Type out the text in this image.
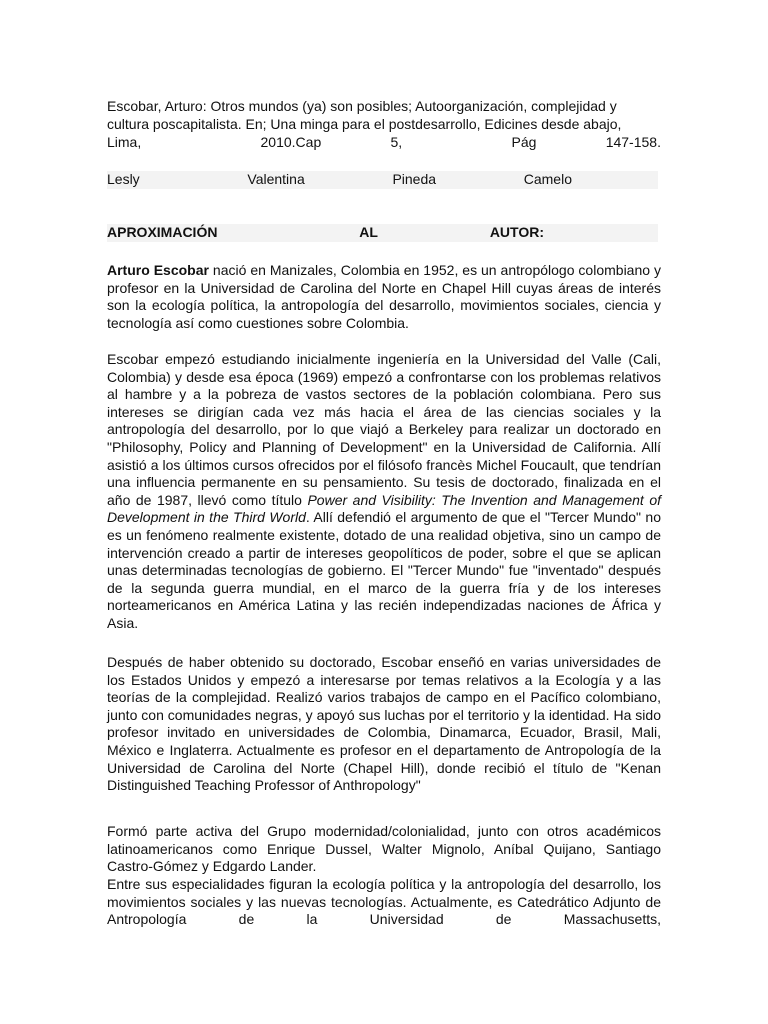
Escobar, Arturo: Otros mundos (ya) son posibles; Autoorganización, complejidad y

cultura poscapitalista. En; Una minga para el postdesarrollo, Edicines desde abajo,

Lima,	2010.Cap	5,	Pág	147-158.
Lesly	Valentina	Pineda	Camelo
APROXIMACIÓN	AL	AUTOR:

Arturo Escobar nació en Manizales, Colombia en 1952, es un antropólogo colombiano y profesor en la Universidad de Carolina del Norte en Chapel Hill cuyas áreas de interés son la ecología política, la antropología del desarrollo, movimientos sociales, ciencia y tecnología así como cuestiones sobre Colombia.

Escobar empezó estudiando inicialmente ingeniería en la Universidad del Valle (Cali, Colombia) y desde esa época (1969) empezó a confrontarse con los problemas relativos al hambre y a la pobreza de vastos sectores de la población colombiana. Pero sus intereses se dirigían cada vez más hacia el área de las ciencias sociales y la antropología del desarrollo, por lo que viajó a Berkeley para realizar un doctorado en "Philosophy, Policy and Planning of Development" en la Universidad de California. Allí asistió a los últimos cursos ofrecidos por el filósofo francès Michel Foucault, que tendrían una influencia permanente en su pensamiento. Su tesis de doctorado, finalizada en el año de 1987, llevó como título Power and Visibility: The Invention and Management of Development in the Third World. Allí defendió el argumento de que el "Tercer Mundo" no es un fenómeno realmente existente, dotado de una realidad objetiva, sino un campo de intervención creado a partir de intereses geopolíticos de poder, sobre el que se aplican unas determinadas tecnologías de gobierno. El "Tercer Mundo" fue "inventado" después de la segunda guerra mundial, en el marco de la guerra fría y de los intereses norteamericanos en América Latina y las recién independizadas naciones de África y Asia.

Después de haber obtenido su doctorado, Escobar enseñó en varias universidades de los Estados Unidos y empezó a interesarse por temas relativos a la Ecología y a las teorías de la complejidad. Realizó varios trabajos de campo en el Pacífico colombiano, junto con comunidades negras, y apoyó sus luchas por el territorio y la identidad. Ha sido profesor invitado en universidades de Colombia, Dinamarca, Ecuador, Brasil, Mali, México e Inglaterra. Actualmente es profesor en el departamento de Antropología de la Universidad de Carolina del Norte (Chapel Hill), donde recibió el título de "Kenan Distinguished Teaching Professor of Anthropology"

Formó parte activa del Grupo modernidad/colonialidad, junto con otros académicos latinoamericanos como Enrique Dussel, Walter Mignolo, Aníbal Quijano, Santiago Castro-Gómez y Edgardo Lander.

Entre sus especialidades figuran la ecología política y la antropología del desarrollo, los movimientos sociales y las nuevas tecnologías. Actualmente, es Catedrático Adjunto de Antropología de la Universidad de Massachusetts,
